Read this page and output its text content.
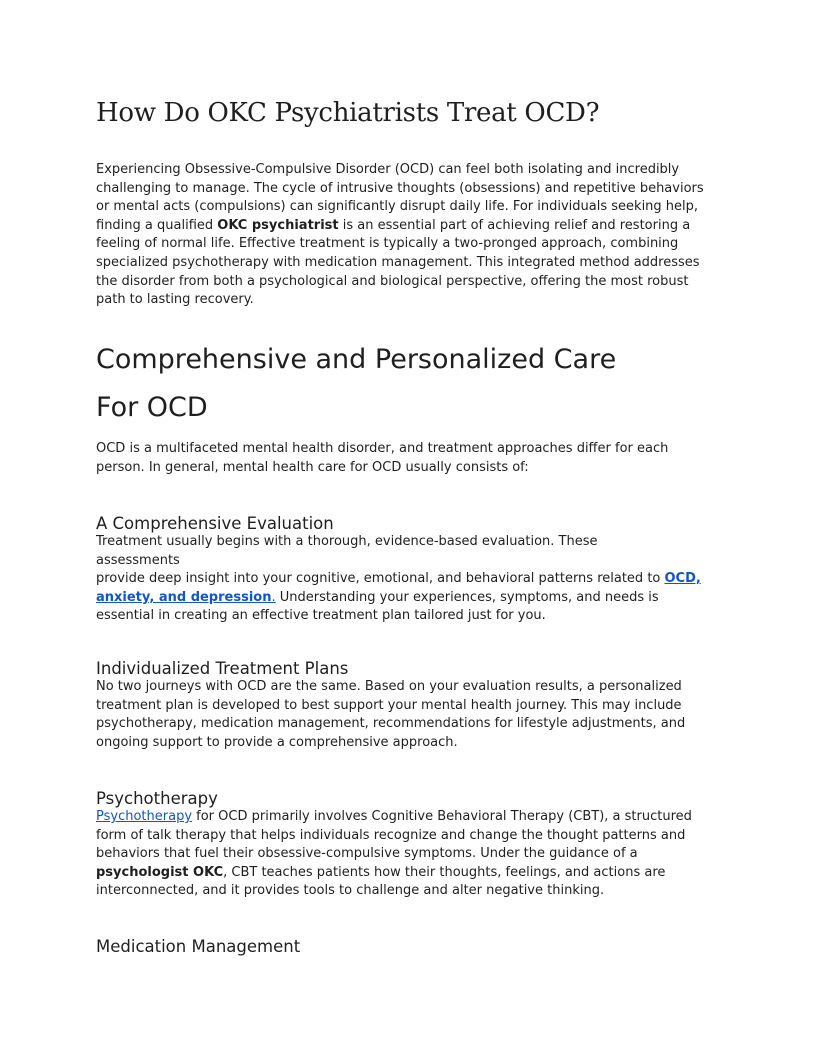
How Do OKC Psychiatrists Treat OCD?

Experiencing Obsessive-Compulsive Disorder (OCD) can feel both isolating and incredibly challenging to manage. The cycle of intrusive thoughts (obsessions) and repetitive behaviors or mental acts (compulsions) can significantly disrupt daily life. For individuals seeking help, finding a qualified OKC psychiatrist is an essential part of achieving relief and restoring a feeling of normal life. Effective treatment is typically a two-pronged approach, combining specialized psychotherapy with medication management. This integrated method addresses the disorder from both a psychological and biological perspective, offering the most robust path to lasting recovery.

Comprehensive and Personalized Care
For OCD

OCD is a multifaceted mental health disorder, and treatment approaches differ for each person. In general, mental health care for OCD usually consists of:

A Comprehensive Evaluation

Treatment usually begins with a thorough, evidence-based evaluation. These
assessments
provide deep insight into your cognitive, emotional, and behavioral patterns related to OCD, anxiety, and depression. Understanding your experiences, symptoms, and needs is essential in creating an effective treatment plan tailored just for you.

Individualized Treatment Plans

No two journeys with OCD are the same. Based on your evaluation results, a personalized treatment plan is developed to best support your mental health journey. This may include psychotherapy, medication management, recommendations for lifestyle adjustments, and ongoing support to provide a comprehensive approach.

Psychotherapy

Psychotherapy for OCD primarily involves Cognitive Behavioral Therapy (CBT), a structured form of talk therapy that helps individuals recognize and change the thought patterns and behaviors that fuel their obsessive-compulsive symptoms. Under the guidance of a psychologist OKC, CBT teaches patients how their thoughts, feelings, and actions are interconnected, and it provides tools to challenge and alter negative thinking.

Medication Management
